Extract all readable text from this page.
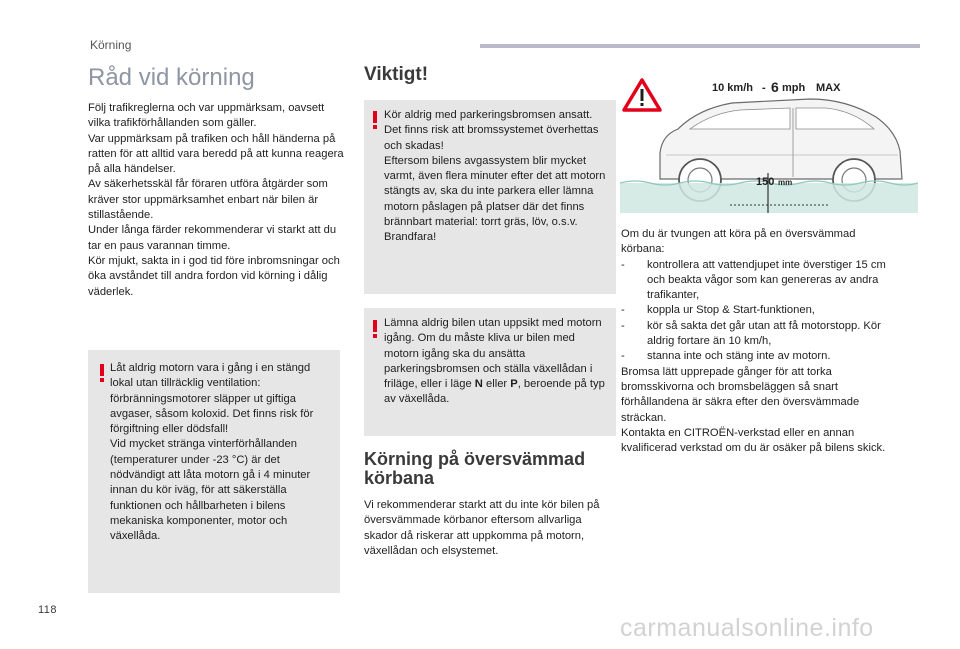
Körning
Råd vid körning

Följ trafikreglerna och var uppmärksam, oavsett vilka trafikförhållanden som gäller.
Var uppmärksam på trafiken och håll händerna på ratten för att alltid vara beredd på att kunna reagera på alla händelser.
Av säkerhetsskäl får föraren utföra åtgärder som kräver stor uppmärksamhet enbart när bilen är stillastående.
Under långa färder rekommenderar vi starkt att du tar en paus varannan timme.
Kör mjukt, sakta in i god tid före inbromsningar och öka avståndet till andra fordon vid körning i dålig väderlek.

Låt aldrig motorn vara i gång i en stängd lokal utan tillräcklig ventilation: förbränningsmotorer släpper ut giftiga avgaser, såsom koloxid. Det finns risk för förgiftning eller dödsfall!
Vid mycket stränga vinterförhållanden (temperaturer under -23 °C) är det nödvändigt att låta motorn gå i 4 minuter innan du kör iväg, för att säkerställa funktionen och hållbarheten i bilens mekaniska komponenter, motor och växellåda.

Viktigt!

Kör aldrig med parkeringsbromsen ansatt. Det finns risk att bromssystemet överhettas och skadas!
Eftersom bilens avgassystem blir mycket varmt, även flera minuter efter det att motorn stängts av, ska du inte parkera eller lämna motorn påslagen på platser där det finns brännbart material: torrt gräs, löv, o.s.v. Brandfara!

Lämna aldrig bilen utan uppsikt med motorn igång. Om du måste kliva ur bilen med motorn igång ska du ansätta parkeringsbromsen och ställa växellådan i friläge, eller i läge N eller P, beroende på typ av växellåda.

Körning på översvämmad körbana

Vi rekommenderar starkt att du inte kör bilen på översvämmade körbanor eftersom allvarliga skador då riskerar att uppkomma på motorn, växellådan och elsystemet.

10 km/h - 6 mph MAX
150 mm
Om du är tvungen att köra på en översvämmad körbana:
- kontrollera att vattendjupet inte överstiger 15 cm och beakta vågor som kan genereras av andra trafikanter,
- koppla ur Stop & Start-funktionen,
- kör så sakta det går utan att få motorstopp. Kör aldrig fortare än 10 km/h,
- stanna inte och stäng inte av motorn.
Bromsa lätt upprepade gånger för att torka bromsskivorna och bromsbeläggen så snart förhållandena är säkra efter den översvämmade sträckan.
Kontakta en CITROËN-verkstad eller en annan kvalificerad verkstad om du är osäker på bilens skick.
118
carmanualsonline.info
